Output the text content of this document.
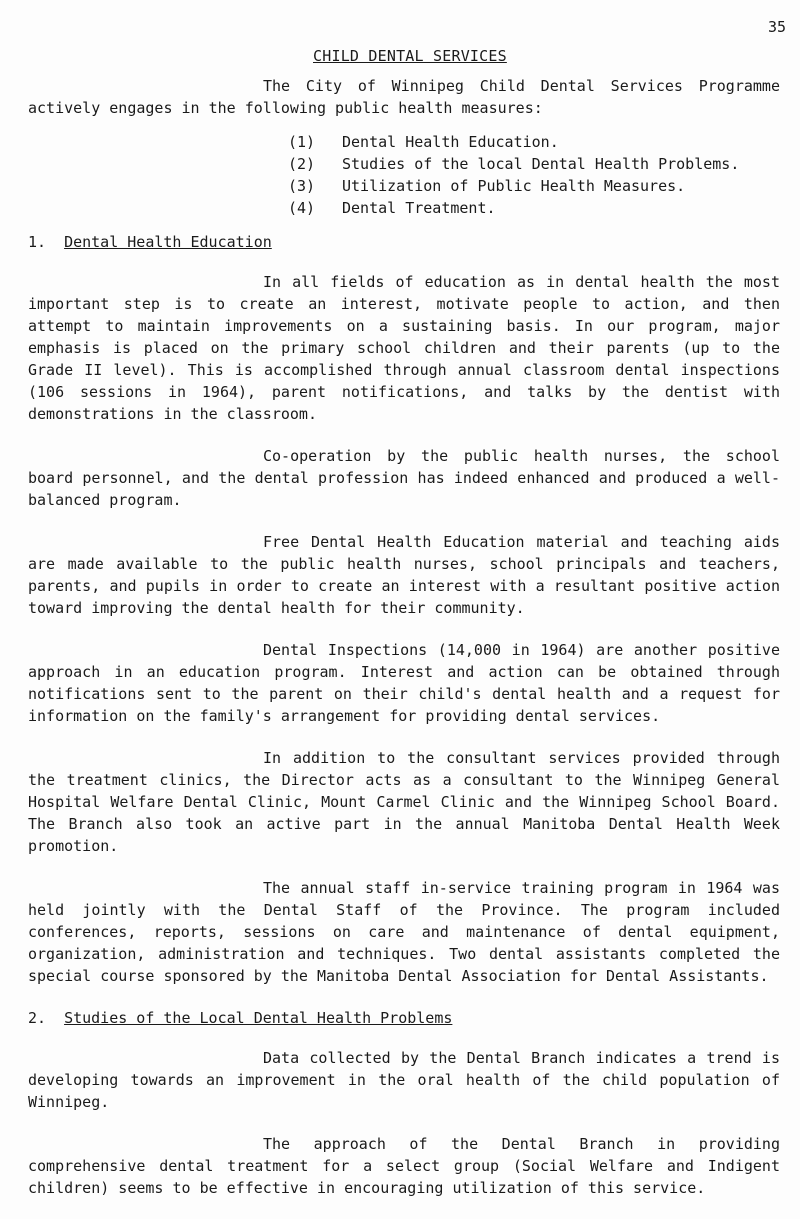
35
CHILD DENTAL SERVICES

The City of Winnipeg Child Dental Services Programme actively engages in the following public health measures:

(1)	Dental Health Education.
(2)	Studies of the local Dental Health Problems.
(3)	Utilization of Public Health Measures.
(4)	Dental Treatment.
1. Dental Health Education

In all fields of education as in dental health the most important step is to create an interest, motivate people to action, and then attempt to maintain improvements on a sustaining basis. In our program, major emphasis is placed on the primary school children and their parents (up to the Grade II level). This is accomplished through annual classroom dental inspections (106 sessions in 1964), parent notifications, and talks by the dentist with demonstrations in the classroom.

Co-operation by the public health nurses, the school board personnel, and the dental profession has indeed enhanced and produced a well-balanced program.

Free Dental Health Education material and teaching aids are made available to the public health nurses, school principals and teachers, parents, and pupils in order to create an interest with a resultant positive action toward improving the dental health for their community.

Dental Inspections (14,000 in 1964) are another positive approach in an education program. Interest and action can be obtained through notifications sent to the parent on their child's dental health and a request for information on the family's arrangement for providing dental services.

In addition to the consultant services provided through the treatment clinics, the Director acts as a consultant to the Winnipeg General Hospital Welfare Dental Clinic, Mount Carmel Clinic and the Winnipeg School Board. The Branch also took an active part in the annual Manitoba Dental Health Week promotion.

The annual staff in-service training program in 1964 was held jointly with the Dental Staff of the Province. The program included conferences, reports, sessions on care and maintenance of dental equipment, organization, administration and techniques. Two dental assistants completed the special course sponsored by the Manitoba Dental Association for Dental Assistants.

2. Studies of the Local Dental Health Problems

Data collected by the Dental Branch indicates a trend is developing towards an improvement in the oral health of the child population of Winnipeg.

The approach of the Dental Branch in providing comprehensive dental treatment for a select group (Social Welfare and Indigent children) seems to be effective in encouraging utilization of this service.
